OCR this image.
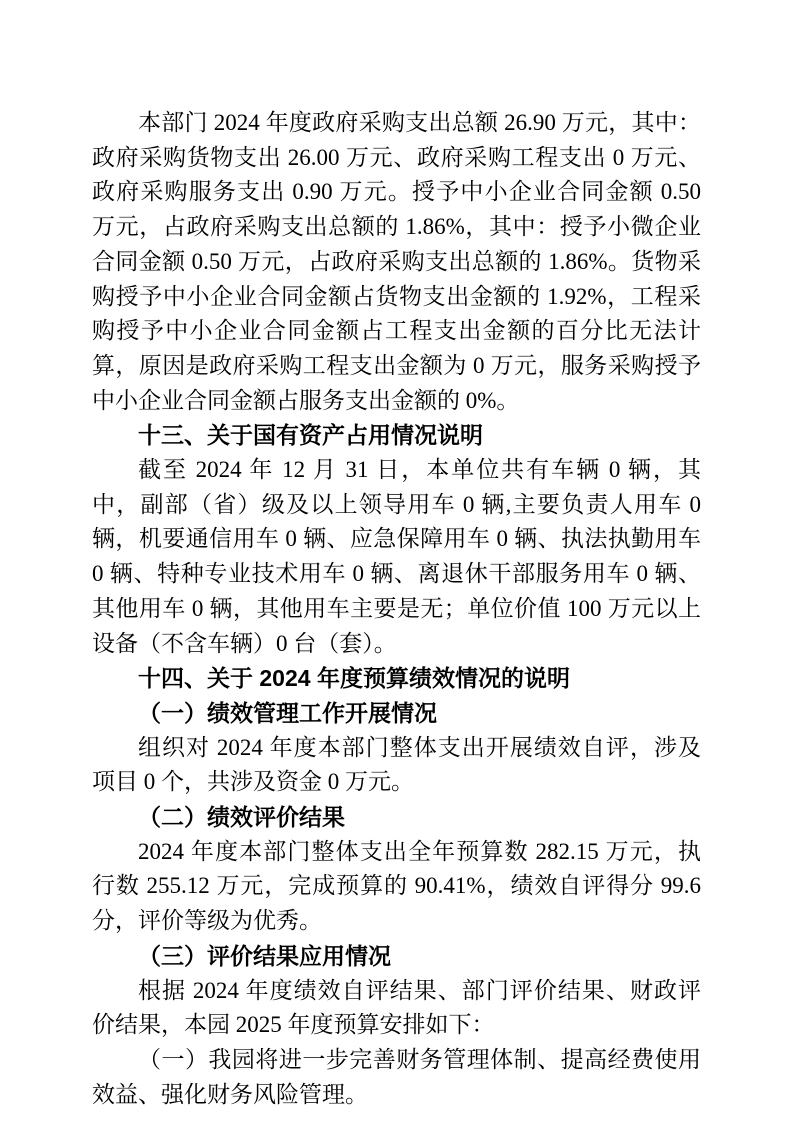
本部门 2024 年度政府采购支出总额 26.90 万元，其中：政府采购货物支出 26.00 万元、政府采购工程支出 0 万元、政府采购服务支出 0.90 万元。授予中小企业合同金额 0.50 万元，占政府采购支出总额的 1.86%，其中：授予小微企业合同金额 0.50 万元，占政府采购支出总额的 1.86%。货物采购授予中小企业合同金额占货物支出金额的 1.92%，工程采购授予中小企业合同金额占工程支出金额的百分比无法计算，原因是政府采购工程支出金额为 0 万元，服务采购授予中小企业合同金额占服务支出金额的 0%。

十三、关于国有资产占用情况说明

截至 2024 年 12 月 31 日，本单位共有车辆 0 辆，其中，副部（省）级及以上领导用车 0 辆,主要负责人用车 0 辆，机要通信用车 0 辆、应急保障用车 0 辆、执法执勤用车 0 辆、特种专业技术用车 0 辆、离退休干部服务用车 0 辆、其他用车 0 辆，其他用车主要是无；单位价值 100 万元以上设备（不含车辆）0 台（套）。

十四、关于 2024 年度预算绩效情况的说明
（一）绩效管理工作开展情况

组织对 2024 年度本部门整体支出开展绩效自评，涉及项目 0 个，共涉及资金 0 万元。

（二）绩效评价结果

2024 年度本部门整体支出全年预算数 282.15 万元，执行数 255.12 万元，完成预算的 90.41%，绩效自评得分 99.6 分，评价等级为优秀。

（三）评价结果应用情况

根据 2024 年度绩效自评结果、部门评价结果、财政评价结果，本园 2025 年度预算安排如下：

（一）我园将进一步完善财务管理体制、提高经费使用效益、强化财务风险管理。
